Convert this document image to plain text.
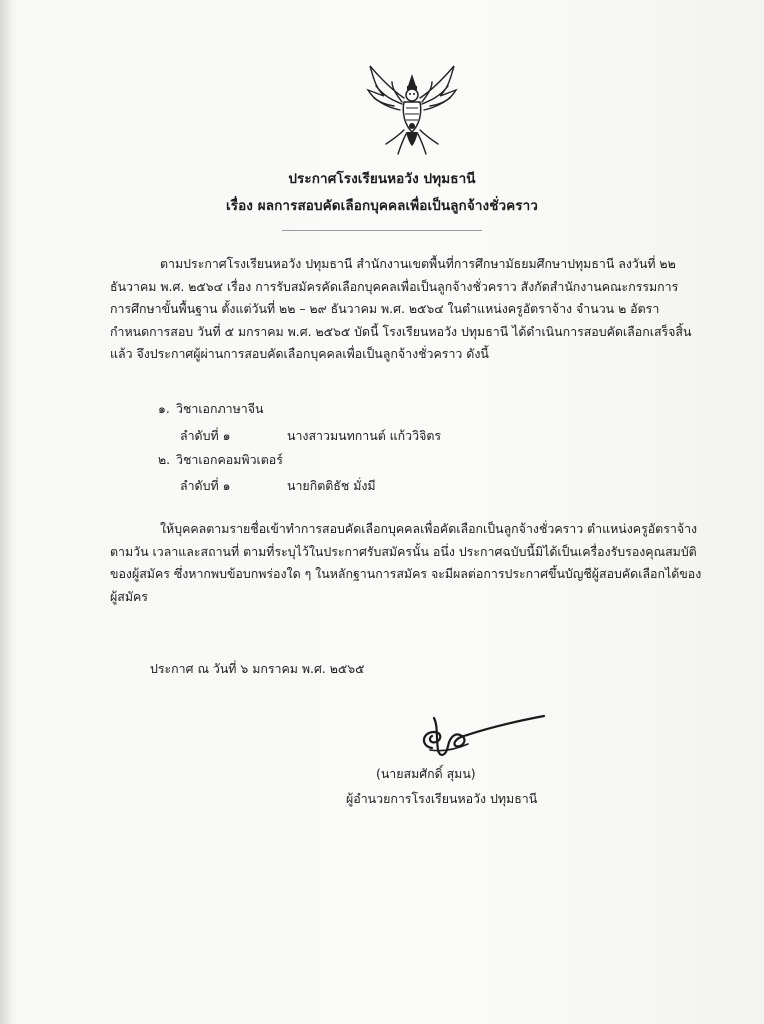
ประกาศโรงเรียนหอวัง ปทุมธานี
เรื่อง ผลการสอบคัดเลือกบุคคลเพื่อเป็นลูกจ้างชั่วคราว
ตามประกาศโรงเรียนหอวัง ปทุมธานี สำนักงานเขตพื้นที่การศึกษามัธยมศึกษาปทุมธานี ลงวันที่ ๒๒
ธันวาคม พ.ศ. ๒๕๖๔ เรื่อง การรับสมัครคัดเลือกบุคคลเพื่อเป็นลูกจ้างชั่วคราว สังกัดสำนักงานคณะกรรมการ
การศึกษาขั้นพื้นฐาน ตั้งแต่วันที่ ๒๒ – ๒๙ ธันวาคม พ.ศ. ๒๕๖๔ ในตำแหน่งครูอัตราจ้าง จำนวน ๒ อัตรา
กำหนดการสอบ วันที่ ๕ มกราคม พ.ศ. ๒๕๖๕ บัดนี้ โรงเรียนหอวัง ปทุมธานี ได้ดำเนินการสอบคัดเลือกเสร็จสิ้น
แล้ว จึงประกาศผู้ผ่านการสอบคัดเลือกบุคคลเพื่อเป็นลูกจ้างชั่วคราว ดังนี้
๑. วิชาเอกภาษาจีน
ลำดับที่ ๑	นางสาวมนทกานต์ แก้ววิจิตร
๒. วิชาเอกคอมพิวเตอร์
ลำดับที่ ๑	นายกิตติธัช มั่งมี
ให้บุคคลตามรายชื่อเข้าทำการสอบคัดเลือกบุคคลเพื่อคัดเลือกเป็นลูกจ้างชั่วคราว ตำแหน่งครูอัตราจ้าง
ตามวัน เวลาและสถานที่ ตามที่ระบุไว้ในประกาศรับสมัครนั้น อนึ่ง ประกาศฉบับนี้มิได้เป็นเครื่องรับรองคุณสมบัติ
ของผู้สมัคร ซึ่งหากพบข้อบกพร่องใด ๆ ในหลักฐานการสมัคร จะมีผลต่อการประกาศขึ้นบัญชีผู้สอบคัดเลือกได้ของ
ผู้สมัคร
ประกาศ ณ วันที่ ๖ มกราคม พ.ศ. ๒๕๖๕
(นายสมศักดิ์ สุมน)
ผู้อำนวยการโรงเรียนหอวัง ปทุมธานี
